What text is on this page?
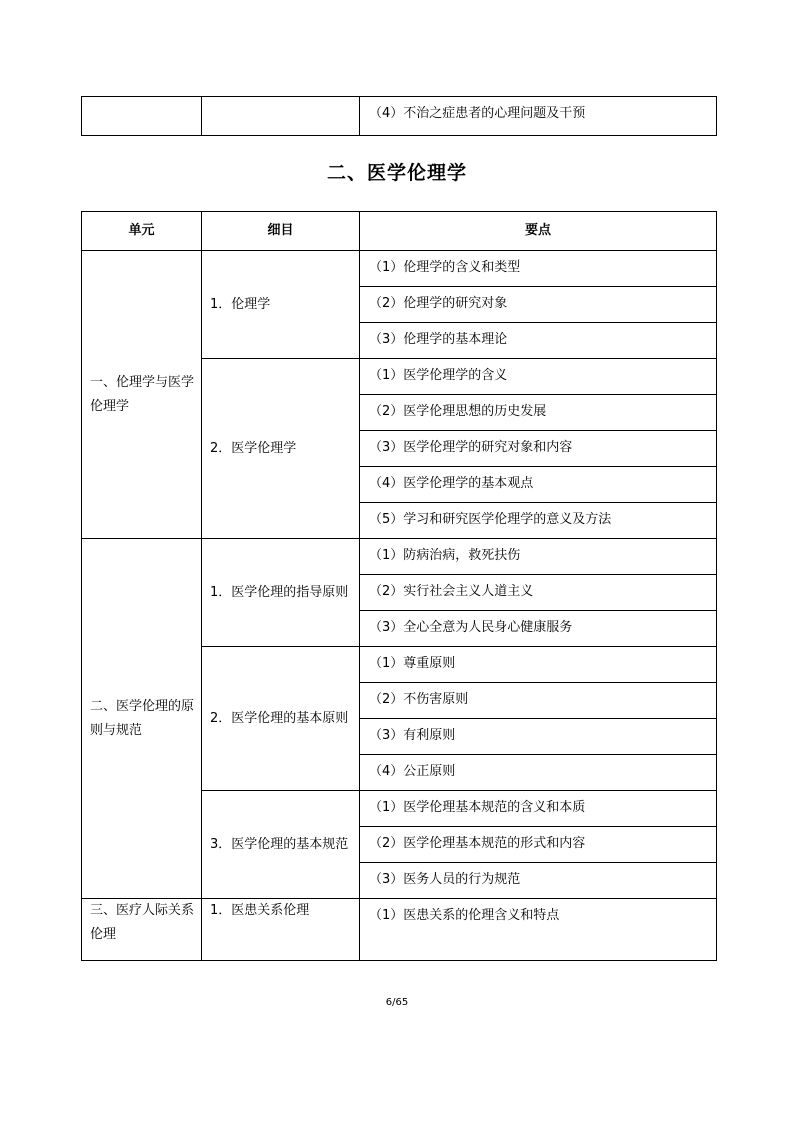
		（4）不治之症患者的心理问题及干预
二、医学伦理学
单元	细目	要点
一、伦理学与医学伦理学	1．伦理学	（1）伦理学的含义和类型
		（2）伦理学的研究对象
		（3）伦理学的基本理论
	2．医学伦理学	（1）医学伦理学的含义
		（2）医学伦理思想的历史发展
		（3）医学伦理学的研究对象和内容
		（4）医学伦理学的基本观点
		（5）学习和研究医学伦理学的意义及方法
二、医学伦理的原则与规范	1．医学伦理的指导原则	（1）防病治病，救死扶伤
		（2）实行社会主义人道主义
		（3）全心全意为人民身心健康服务
	2．医学伦理的基本原则	（1）尊重原则
		（2）不伤害原则
		（3）有利原则
		（4）公正原则
	3．医学伦理的基本规范	（1）医学伦理基本规范的含义和本质
		（2）医学伦理基本规范的形式和内容
		（3）医务人员的行为规范
三、医疗人际关系伦理	1．医患关系伦理	（1）医患关系的伦理含义和特点
6/65
